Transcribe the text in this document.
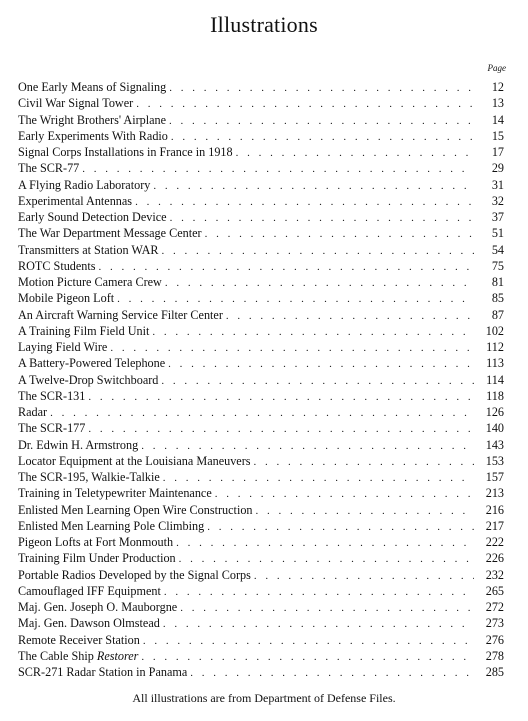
Illustrations
Page
One Early Means of Signaling . . .	12
Civil War Signal Tower . . .	13
The Wright Brothers' Airplane . . .	14
Early Experiments With Radio . . .	15
Signal Corps Installations in France in 1918 . . .	17
The SCR-77 . . .	29
A Flying Radio Laboratory . . .	31
Experimental Antennas . . .	32
Early Sound Detection Device . . .	37
The War Department Message Center . . .	51
Transmitters at Station WAR . . .	54
ROTC Students . . .	75
Motion Picture Camera Crew . . .	81
Mobile Pigeon Loft . . .	85
An Aircraft Warning Service Filter Center . . .	87
A Training Film Field Unit . . .	102
Laying Field Wire . . .	112
A Battery-Powered Telephone . . .	113
A Twelve-Drop Switchboard . . .	114
The SCR-131 . . .	118
Radar . . .	126
The SCR-177 . . .	140
Dr. Edwin H. Armstrong . . .	143
Locator Equipment at the Louisiana Maneuvers . . .	153
The SCR-195, Walkie-Talkie . . .	157
Training in Teletypewriter Maintenance . . .	213
Enlisted Men Learning Open Wire Construction . . .	216
Enlisted Men Learning Pole Climbing . . .	217
Pigeon Lofts at Fort Monmouth . . .	222
Training Film Under Production . . .	226
Portable Radios Developed by the Signal Corps . . .	232
Camouflaged IFF Equipment . . .	265
Maj. Gen. Joseph O. Mauborgne . . .	272
Maj. Gen. Dawson Olmstead . . .	273
Remote Receiver Station . . .	276
The Cable Ship Restorer . . .	278
SCR-271 Radar Station in Panama . . .	285
All illustrations are from Department of Defense Files.
